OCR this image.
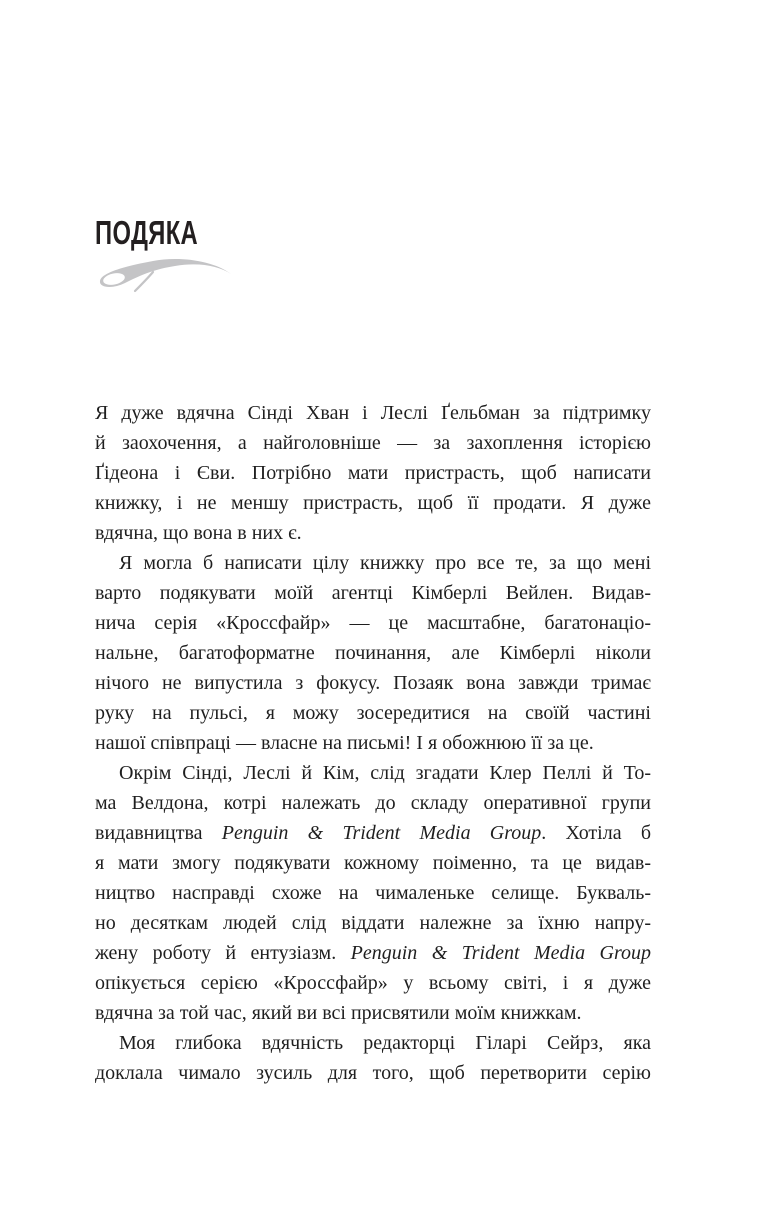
ПОДЯКА
Я дуже вдячна Сінді Хван і Леслі Ґельбман за підтримку
й заохочення, а найголовніше — за захоплення історією
Ґідеона і Єви. Потрібно мати пристрасть, щоб написати
книжку, і не меншу пристрасть, щоб її продати. Я дуже
вдячна, що вона в них є.
Я могла б написати цілу книжку про все те, за що мені
варто подякувати моїй агентці Кімберлі Вейлен. Видав-
нича серія «Кроссфайр» — це масштабне, багатонаціо-
нальне, багатоформатне починання, але Кімберлі ніколи
нічого не випустила з фокусу. Позаяк вона завжди тримає
руку на пульсі, я можу зосередитися на своїй частині
нашої співпраці — власне на письмі! І я обожнюю її за це.
Окрім Сінді, Леслі й Кім, слід згадати Клер Пеллі й То-
ма Велдона, котрі належать до складу оперативної групи
видавництва Penguin & Trident Media Group. Хотіла б
я мати змогу подякувати кожному поіменно, та це видав-
ництво насправді схоже на чималеньке селище. Букваль-
но десяткам людей слід віддати належне за їхню напру-
жену роботу й ентузіазм. Penguin & Trident Media Group
опікується серією «Кроссфайр» у всьому світі, і я дуже
вдячна за той час, який ви всі присвятили моїм книжкам.
Моя глибока вдячність редакторці Гіларі Сейрз, яка
доклала чимало зусиль для того, щоб перетворити серію
